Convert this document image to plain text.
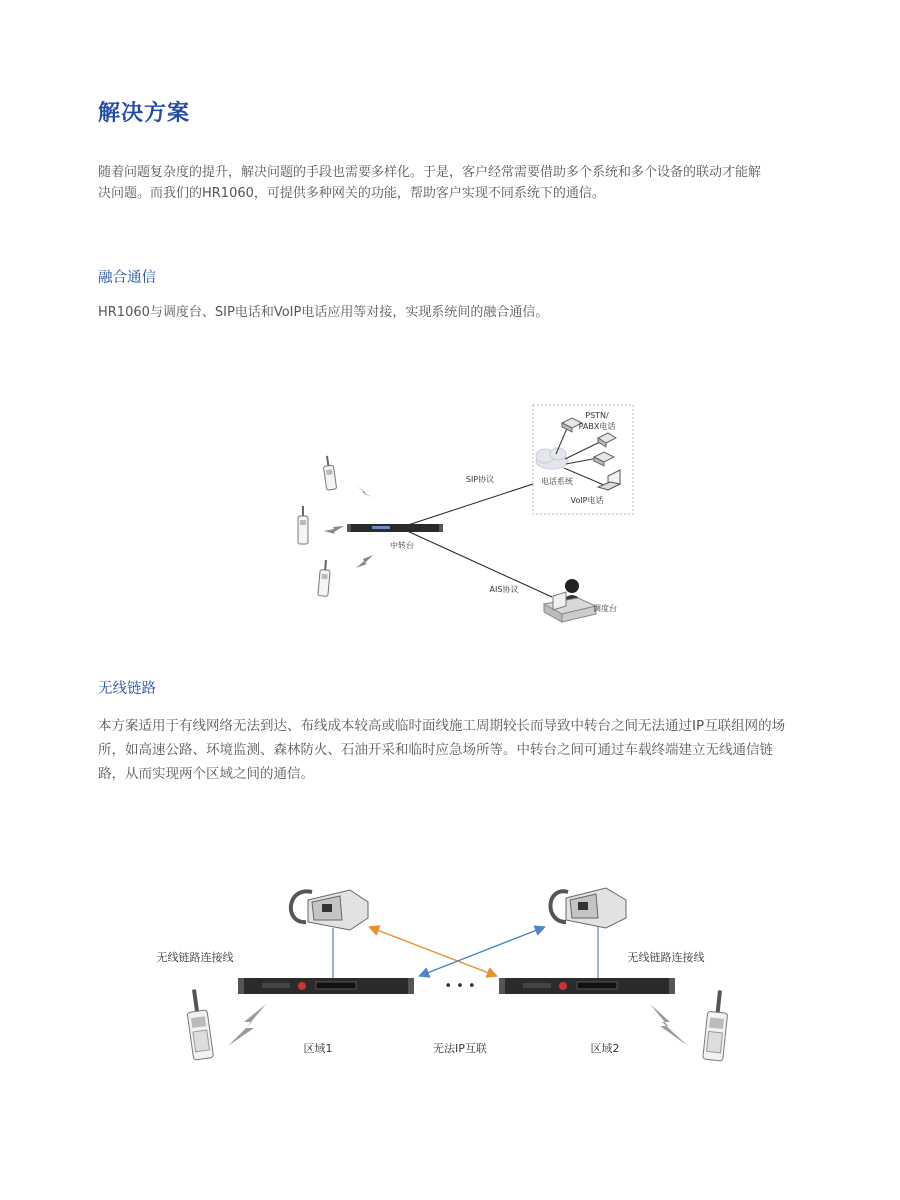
解决方案
随着问题复杂度的提升，解决问题的手段也需要多样化。于是，客户经常需要借助多个系统和多个设备的联动才能解
决问题。而我们的HR1060，可提供多种网关的功能，帮助客户实现不同系统下的通信。
融合通信
HR1060与调度台、SIP电话和VoIP电话应用等对接，实现系统间的融合通信。
PSTN/
PABX电话
电话系统
VoIP电话
SIP协议
AIS协议
中转台
调度台
无线链路
本方案适用于有线网络无法到达、布线成本较高或临时面线施工周期较长而导致中转台之间无法通过IP互联组网的场
所，如高速公路、环境监测、森林防火、石油开采和临时应急场所等。中转台之间可通过车载终端建立无线通信链
路，从而实现两个区域之间的通信。
• • •
无线链路连接线	无线链路连接线
区域1	无法IP互联	区域2
